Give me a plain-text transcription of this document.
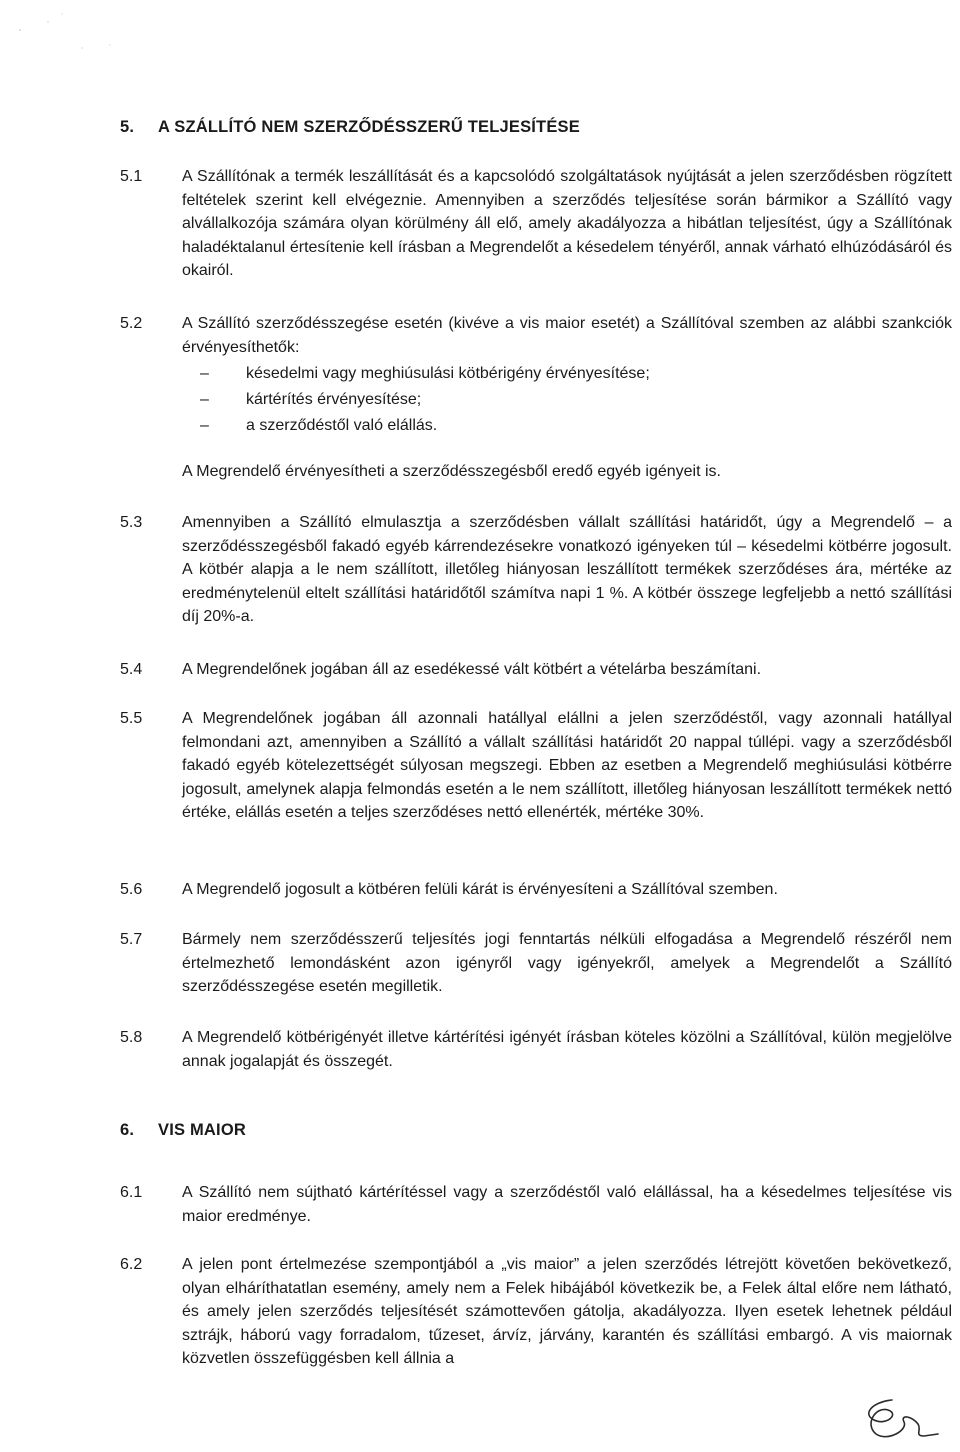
5. A SZÁLLÍTÓ NEM SZERZŐDÉSSZERŰ TELJESÍTÉSE
5.1 A Szállítónak a termék leszállítását és a kapcsolódó szolgáltatások nyújtását a jelen szerződésben rögzített feltételek szerint kell elvégeznie. Amennyiben a szerződés teljesítése során bármikor a Szállító vagy alvállalkozója számára olyan körülmény áll elő, amely akadályozza a hibátlan teljesítést, úgy a Szállítónak haladéktalanul értesítenie kell írásban a Megrendelőt a késedelem tényéről, annak várható elhúzódásáról és okairól.

5.2 A Szállító szerződésszegése esetén (kivéve a vis maior esetét) a Szállítóval szemben az alábbi szankciók érvényesíthetők:

– késedelmi vagy meghiúsulási kötbérigény érvényesítése;
– kártérítés érvényesítése;
– a szerződéstől való elállás.

A Megrendelő érvényesítheti a szerződésszegésből eredő egyéb igényeit is.

5.3 Amennyiben a Szállító elmulasztja a szerződésben vállalt szállítási határidőt, úgy a Megrendelő – a szerződésszegésből fakadó egyéb kárrendezésekre vonatkozó igényeken túl – késedelmi kötbérre jogosult. A kötbér alapja a le nem szállított, illetőleg hiányosan leszállított termékek szerződéses ára, mértéke az eredménytelenül eltelt szállítási határidőtől számítva napi 1 %. A kötbér összege legfeljebb a nettó szállítási díj 20%-a.

5.4 A Megrendelőnek jogában áll az esedékessé vált kötbért a vételárba beszámítani.

5.5 A Megrendelőnek jogában áll azonnali hatállyal elállni a jelen szerződéstől, vagy azonnali hatállyal felmondani azt, amennyiben a Szállító a vállalt szállítási határidőt 20 nappal túllépi. vagy a szerződésből fakadó egyéb kötelezettségét súlyosan megszegi. Ebben az esetben a Megrendelő meghiúsulási kötbérre jogosult, amelynek alapja felmondás esetén a le nem szállított, illetőleg hiányosan leszállított termékek nettó értéke, elállás esetén a teljes szerződéses nettó ellenérték, mértéke 30%.

5.6 A Megrendelő jogosult a kötbéren felüli kárát is érvényesíteni a Szállítóval szemben.

5.7 Bármely nem szerződésszerű teljesítés jogi fenntartás nélküli elfogadása a Megrendelő részéről nem értelmezhető lemondásként azon igényről vagy igényekről, amelyek a Megrendelőt a Szállító szerződésszegése esetén megilletik.

5.8 A Megrendelő kötbérigényét illetve kártérítési igényét írásban köteles közölni a Szállítóval, külön megjelölve annak jogalapját és összegét.

6. VIS MAIOR
6.1 A Szállító nem sújtható kártérítéssel vagy a szerződéstől való elállással, ha a késedelmes teljesítése vis maior eredménye.

6.2 A jelen pont értelmezése szempontjából a „vis maior” a jelen szerződés létrejött követően bekövetkező, olyan elháríthatatlan esemény, amely nem a Felek hibájából következik be, a Felek által előre nem látható, és amely jelen szerződés teljesítését számottevően gátolja, akadályozza. Ilyen esetek lehetnek például sztrájk, háború vagy forradalom, tűzeset, árvíz, járvány, karantén és szállítási embargó. A vis maiornak közvetlen összefüggésben kell állnia a
